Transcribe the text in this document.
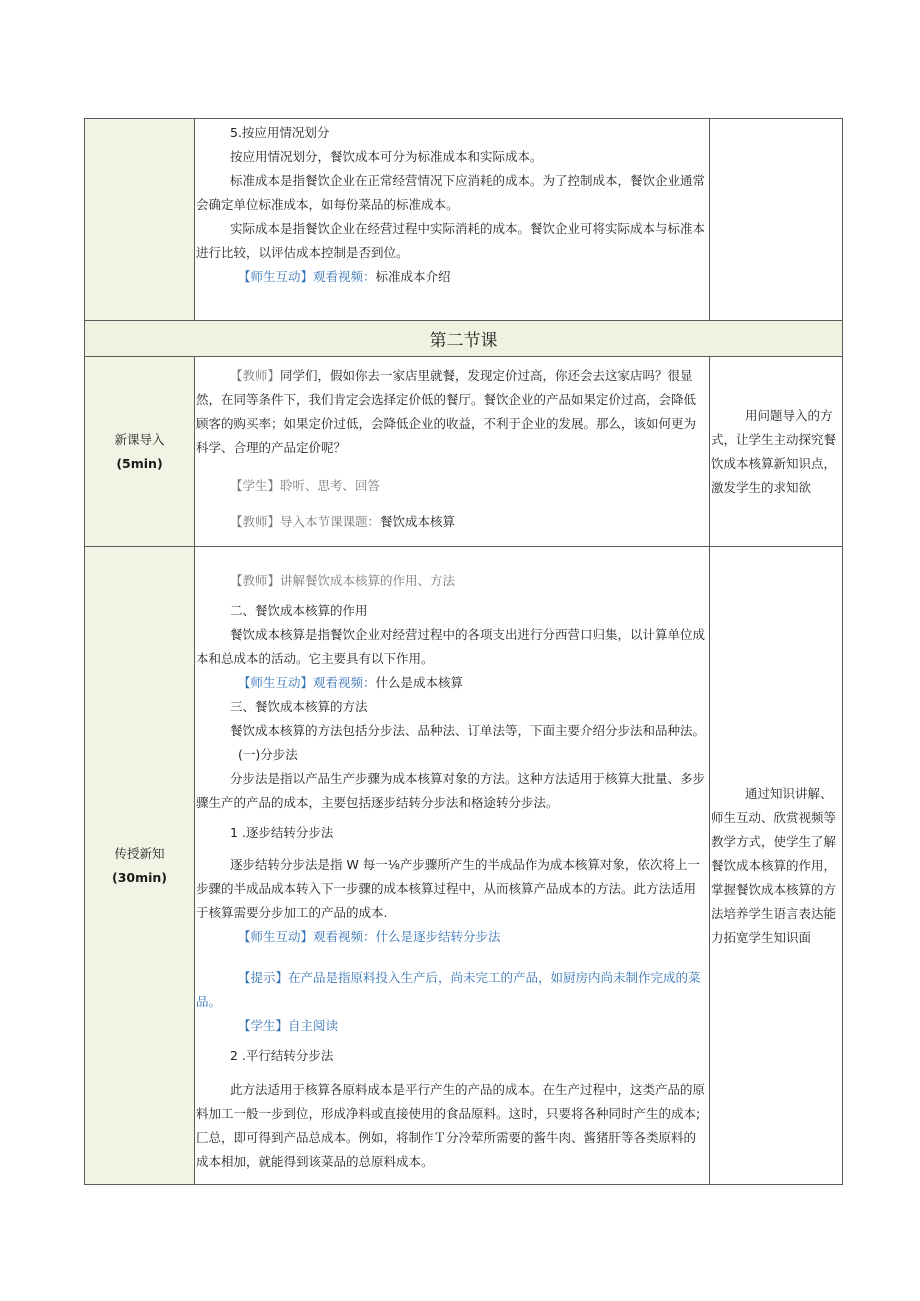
5.按应用情况划分

按应用情况划分，餐饮成本可分为标准成本和实际成本。

标准成本是指餐饮企业在正常经营情况下应消耗的成本。为了控制成本，餐饮企业通常会确定单位标准成本，如每份菜品的标准成本。

实际成本是指餐饮企业在经营过程中实际消耗的成本。餐饮企业可将实际成本与标准本进行比较，以评估成本控制是否到位。

【师生互动】观看视频：标准成本介绍

第二节课
新课导入
(5min)

【教师】同学们，假如你去一家店里就餐，发现定价过高，你还会去这家店吗？很显然，在同等条件下，我们肯定会选择定价低的餐厅。餐饮企业的产品如果定价过高，会降低顾客的购买率；如果定价过低，会降低企业的收益，不利于企业的发展。那么，该如何更为科学、合理的产品定价呢？

【学生】聆听、思考、回答

【教师】导入本节课课题：餐饮成本核算

用问题导入的方式，让学生主动探究餐饮成本核算新知识点，激发学生的求知欲
传授新知
(30min)

【教师】讲解餐饮成本核算的作用、方法

二、餐饮成本核算的作用

餐饮成本核算是指餐饮企业对经营过程中的各项支出进行分西营口归集，以计算单位成本和总成本的活动。它主要具有以下作用。

【师生互动】观看视频：什么是成本核算

三、餐饮成本核算的方法

餐饮成本核算的方法包括分步法、品种法、订单法等，下面主要介绍分步法和品种法。

(一)分步法

分步法是指以产品生产步骤为成本核算对象的方法。这种方法适用于核算大批量、多步骤生产的产品的成本，主要包括逐步结转分步法和格途转分步法。

1 .逐步结转分步法

逐步结转分步法是指 W 每一⅛产步骤所产生的半成品作为成本核算对象，依次将上一步骤的半成品成本转入下一步骤的成本核算过程中，从而核算产品成本的方法。此方法适用于核算需要分步加工的产品的成本.

【师生互动】观看视频：什么是逐步结转分步法

【提示】在产品是指原料投入生产后，尚未完工的产品，如厨房内尚未制作完成的菜品。

【学生】自主阅读

2 .平行结转分步法

此方法适用于核算各原料成本是平行产生的产品的成本。在生产过程中，这类产品的原料加工一般一步到位，形成净料或直接使用的食品原料。这时，只要将各种同时产生的成本;匚总，即可得到产品总成本。例如，将制作Ｔ分冷荤所需要的酱牛肉、酱猪肝等各类原料的成本相加，就能得到该菜品的总原料成本。

通过知识讲解、师生互动、欣赏视频等教学方式，使学生了解餐饮成本核算的作用，掌握餐饮成本核算的方法培养学生语言表达能力拓宽学生知识面
